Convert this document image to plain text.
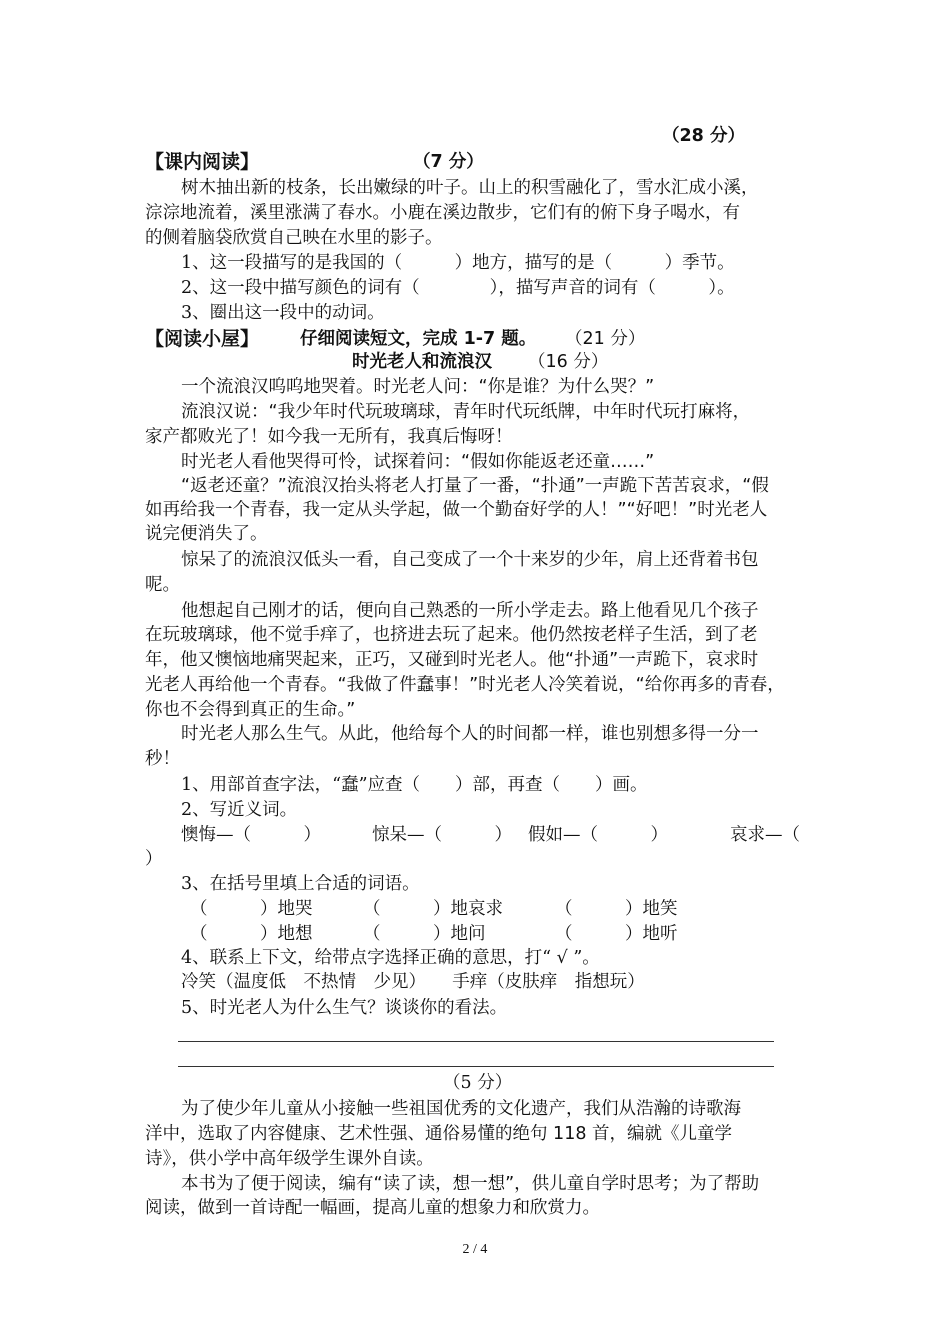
（28 分）
【课内阅读】	（7 分）
树木抽出新的枝条，长出嫩绿的叶子。山上的积雪融化了，雪水汇成小溪，
淙淙地流着，溪里涨满了春水。小鹿在溪边散步，它们有的俯下身子喝水，有
的侧着脑袋欣赏自己映在水里的影子。
1、这一段描写的是我国的（　　　）地方，描写的是（　　　）季节。
2、这一段中描写颜色的词有（　　　　），描写声音的词有（　　　）。
3、圈出这一段中的动词。
【阅读小屋】 仔细阅读短文，完成 1-7 题。 （21 分）
时光老人和流浪汉 （16 分）
一个流浪汉呜呜地哭着。时光老人问：“你是谁？为什么哭？”
流浪汉说：“我少年时代玩玻璃球，青年时代玩纸牌，中年时代玩打麻将，
家产都败光了！如今我一无所有，我真后悔呀！
时光老人看他哭得可怜，试探着问：“假如你能返老还童……”
“返老还童？”流浪汉抬头将老人打量了一番，“扑通”一声跪下苦苦哀求，“假
如再给我一个青春，我一定从头学起，做一个勤奋好学的人！”“好吧！”时光老人
说完便消失了。
惊呆了的流浪汉低头一看，自己变成了一个十来岁的少年，肩上还背着书包
呢。
他想起自己刚才的话，便向自己熟悉的一所小学走去。路上他看见几个孩子
在玩玻璃球，他不觉手痒了，也挤进去玩了起来。他仍然按老样子生活，到了老
年，他又懊恼地痛哭起来，正巧，又碰到时光老人。他“扑通”一声跪下，哀求时
光老人再给他一个青春。“我做了件蠢事！”时光老人冷笑着说，“给你再多的青春，
你也不会得到真正的生命。”
时光老人那么生气。从此，他给每个人的时间都一样，谁也别想多得一分一
秒！
1、用部首查字法，“蠢”应查（　　）部，再查（　　）画。
2、写近义词。
懊悔—（　　　）	惊呆—（　　　） 假如—（　　　）	哀求—（
）
3、在括号里填上合适的词语。
（　　　）地哭	（　　　）地哀求	（　　　）地笑
（　　　）地想	（　　　）地问	（　　　）地听
4、联系上下文，给带点字选择正确的意思，打“ √ ”。
冷笑（温度低　不热情　少见）　　手痒（皮肤痒　指想玩）
5、时光老人为什么生气？谈谈你的看法。
（5 分）
为了使少年儿童从小接触一些祖国优秀的文化遗产，我们从浩瀚的诗歌海
洋中，选取了内容健康、艺术性强、通俗易懂的绝句 118 首，编就《儿童学
诗》，供小学中高年级学生课外自读。
本书为了便于阅读，编有“读了读，想一想”，供儿童自学时思考；为了帮助
阅读，做到一首诗配一幅画，提高儿童的想象力和欣赏力。
2 / 4
